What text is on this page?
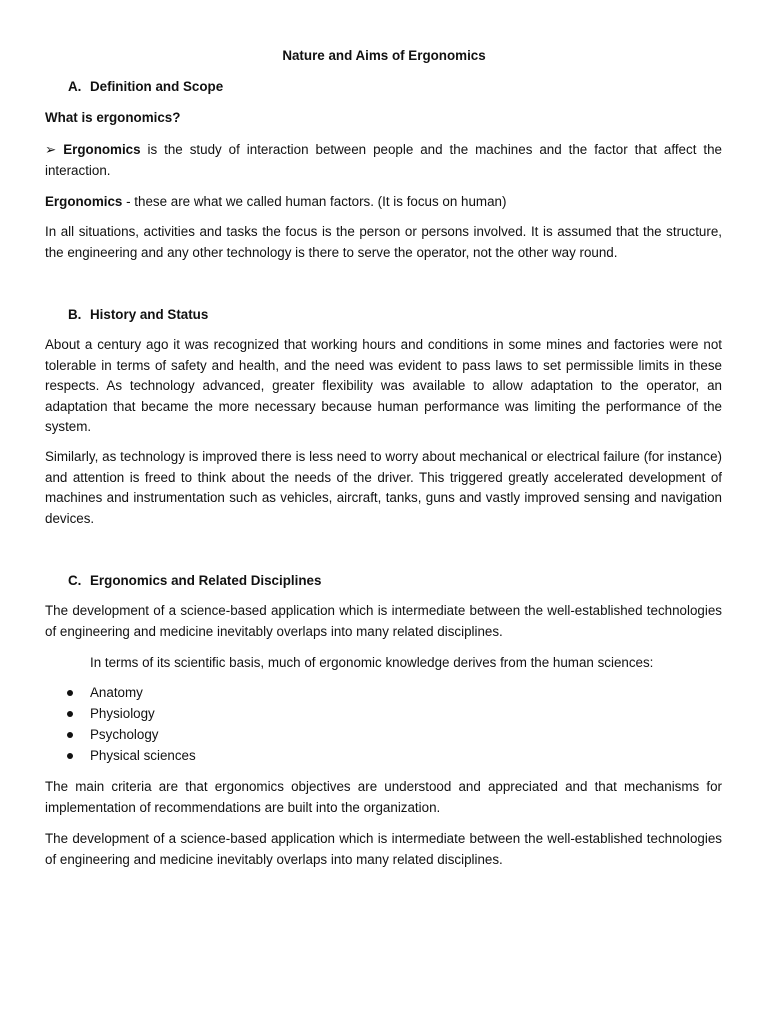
Nature and Aims of Ergonomics
A. Definition and Scope
What is ergonomics?

➢ Ergonomics is the study of interaction between people and the machines and the factor that affect the interaction.

Ergonomics - these are what we called human factors. (It is focus on human)

In all situations, activities and tasks the focus is the person or persons involved. It is assumed that the structure, the engineering and any other technology is there to serve the operator, not the other way round.

B. History and Status

About a century ago it was recognized that working hours and conditions in some mines and factories were not tolerable in terms of safety and health, and the need was evident to pass laws to set permissible limits in these respects. As technology advanced, greater flexibility was available to allow adaptation to the operator, an adaptation that became the more necessary because human performance was limiting the performance of the system.

Similarly, as technology is improved there is less need to worry about mechanical or electrical failure (for instance) and attention is freed to think about the needs of the driver. This triggered greatly accelerated development of machines and instrumentation such as vehicles, aircraft, tanks, guns and vastly improved sensing and navigation devices.

C. Ergonomics and Related Disciplines

The development of a science-based application which is intermediate between the well-established technologies of engineering and medicine inevitably overlaps into many related disciplines.

In terms of its scientific basis, much of ergonomic knowledge derives from the human sciences:
Anatomy
Physiology
Psychology
Physical sciences

The main criteria are that ergonomics objectives are understood and appreciated and that mechanisms for implementation of recommendations are built into the organization.

The development of a science-based application which is intermediate between the well-established technologies of engineering and medicine inevitably overlaps into many related disciplines.
